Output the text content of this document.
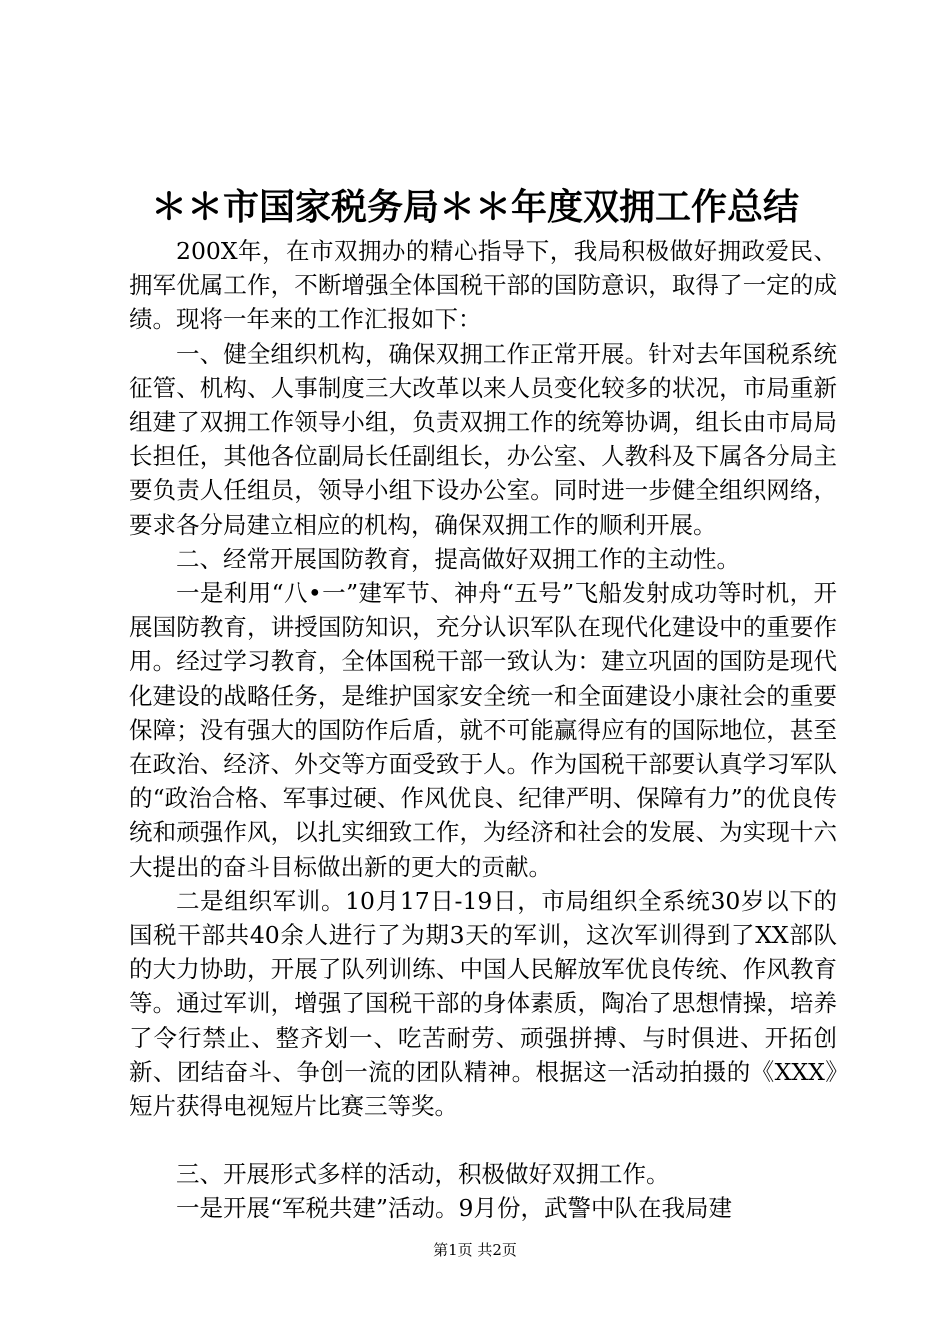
＊＊市国家税务局＊＊年度双拥工作总结

200X年，在市双拥办的精心指导下，我局积极做好拥政爱民、拥军优属工作，不断增强全体国税干部的国防意识，取得了一定的成绩。现将一年来的工作汇报如下：

一、健全组织机构，确保双拥工作正常开展。针对去年国税系统征管、机构、人事制度三大改革以来人员变化较多的状况，市局重新组建了双拥工作领导小组，负责双拥工作的统筹协调，组长由市局局长担任，其他各位副局长任副组长，办公室、人教科及下属各分局主要负责人任组员，领导小组下设办公室。同时进一步健全组织网络，要求各分局建立相应的机构，确保双拥工作的顺利开展。

二、经常开展国防教育，提高做好双拥工作的主动性。

一是利用“八•一”建军节、神舟“五号”飞船发射成功等时机，开展国防教育，讲授国防知识，充分认识军队在现代化建设中的重要作用。经过学习教育，全体国税干部一致认为：建立巩固的国防是现代化建设的战略任务，是维护国家安全统一和全面建设小康社会的重要保障；没有强大的国防作后盾，就不可能赢得应有的国际地位，甚至在政治、经济、外交等方面受致于人。作为国税干部要认真学习军队的“政治合格、军事过硬、作风优良、纪律严明、保障有力”的优良传统和顽强作风，以扎实细致工作，为经济和社会的发展、为实现十六大提出的奋斗目标做出新的更大的贡献。

二是组织军训。10月17日-19日，市局组织全系统30岁以下的国税干部共40余人进行了为期3天的军训，这次军训得到了XX部队的大力协助，开展了队列训练、中国人民解放军优良传统、作风教育等。通过军训，增强了国税干部的身体素质，陶冶了思想情操，培养了令行禁止、整齐划一、吃苦耐劳、顽强拼搏、与时俱进、开拓创新、团结奋斗、争创一流的团队精神。根据这一活动拍摄的《XXX》短片获得电视短片比赛三等奖。

三、开展形式多样的活动，积极做好双拥工作。

一是开展“军税共建”活动。9月份，武警中队在我局建

第1页 共2页
